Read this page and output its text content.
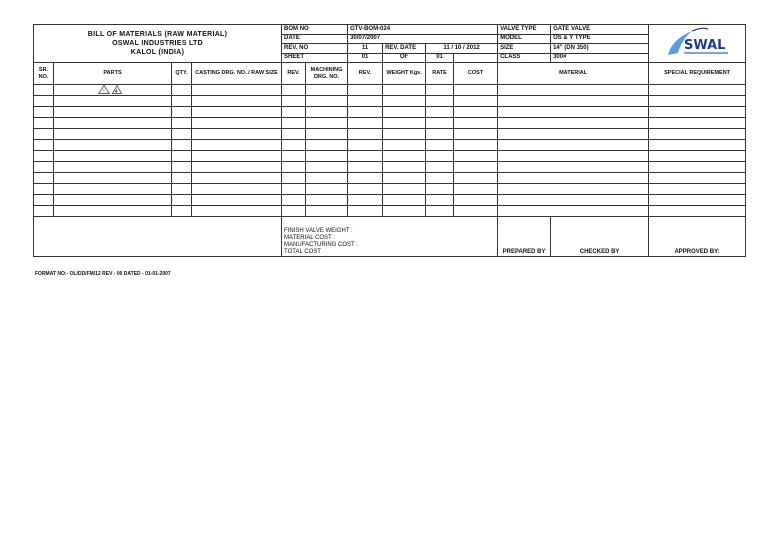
BILL OF MATERIALS (RAW MATERIAL)
OSWAL INDUSTRIES LTD
KALOL (INDIA)				BOM NO		GTV-BOM-024				VALVE TYPE	GATE VALVE	SWAL

				DATE		30/07/2007				MODEL	OS & Y TYPE	
				REV. NO		11	REV. DATE	11 / 10 / 2012		SIZE	14" (DN 350)	
				SHEET		01	OF	01		CLASS	300#	
SR. NO.	PARTS	QTY.	CASTING DRG. NO. / RAW SIZE	REV.	MACHINING DRG. NO.	REV.	WEIGHT Kgs.	RATE	COST	MATERIAL		SPECIAL REQUIREMENT

! 4											

				FINISH VALVE WEIGHT :
MATERIAL COST :
MANUFACTURING COST :
TOTAL COST						PREPARED BY	CHECKED BY	APPROVED BY:
FORMAT NO:- OL/DD/FM/12 REV - 00 DATED - 01-01-2007
